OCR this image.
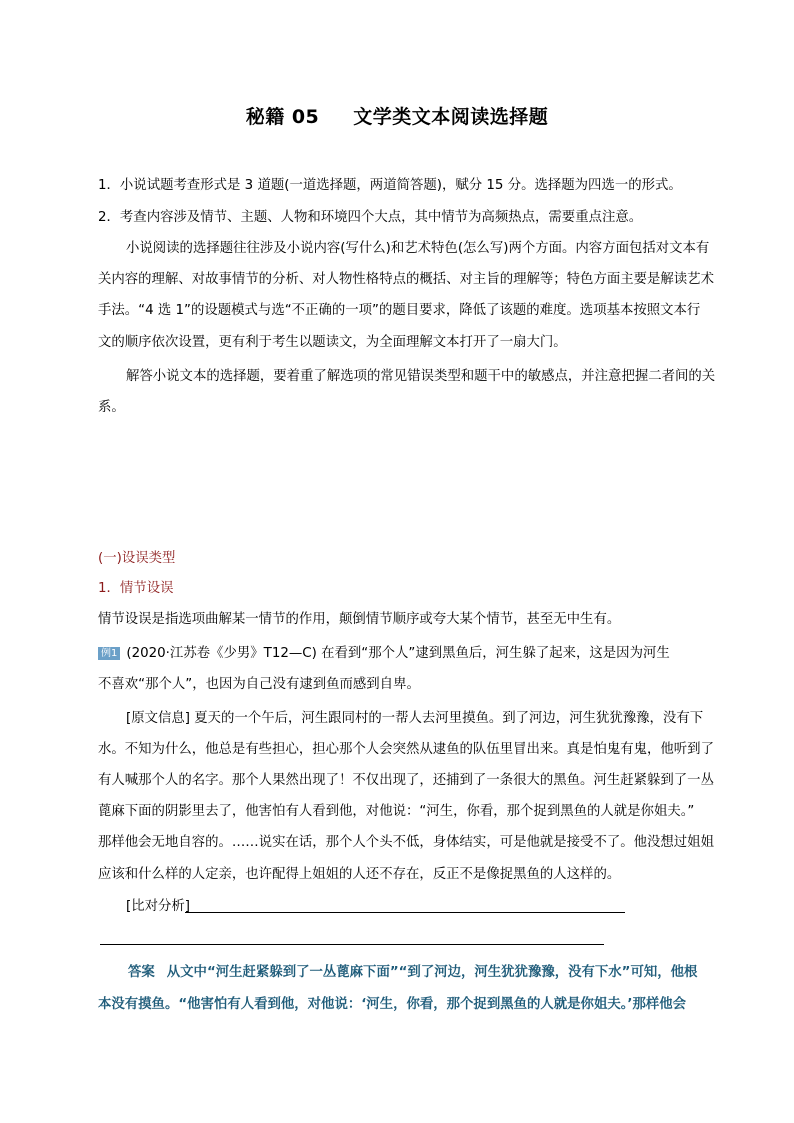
秘籍 05 文学类文本阅读选择题
1．小说试题考查形式是 3 道题(一道选择题，两道简答题)，赋分 15 分。选择题为四选一的形式。
2．考查内容涉及情节、主题、人物和环境四个大点，其中情节为高频热点，需要重点注意。
小说阅读的选择题往往涉及小说内容(写什么)和艺术特色(怎么写)两个方面。内容方面包括对文本有
关内容的理解、对故事情节的分析、对人物性格特点的概括、对主旨的理解等；特色方面主要是解读艺术
手法。“4 选 1”的设题模式与选“不正确的一项”的题目要求，降低了该题的难度。选项基本按照文本行
文的顺序依次设置，更有利于考生以题读文，为全面理解文本打开了一扇大门。
解答小说文本的选择题，要着重了解选项的常见错误类型和题干中的敏感点，并注意把握二者间的关
系。
(一)设误类型
1．情节设误
情节设误是指选项曲解某一情节的作用，颠倒情节顺序或夸大某个情节，甚至无中生有。
例1 (2020·江苏卷《少男》T12—C) 在看到“那个人”逮到黑鱼后，河生躲了起来，这是因为河生
不喜欢“那个人”，也因为自己没有逮到鱼而感到自卑。
[原文信息] 夏天的一个午后，河生跟同村的一帮人去河里摸鱼。到了河边，河生犹犹豫豫，没有下
水。不知为什么，他总是有些担心，担心那个人会突然从逮鱼的队伍里冒出来。真是怕鬼有鬼，他听到了
有人喊那个人的名字。那个人果然出现了！不仅出现了，还捕到了一条很大的黑鱼。河生赶紧躲到了一丛
蓖麻下面的阴影里去了，他害怕有人看到他，对他说：“河生，你看，那个捉到黑鱼的人就是你姐夫。”
那样他会无地自容的。……说实在话，那个人个头不低，身体结实，可是他就是接受不了。他没想过姐姐
应该和什么样的人定亲，也许配得上姐姐的人还不存在，反正不是像捉黑鱼的人这样的。
[比对分析]
答案 从文中“河生赶紧躲到了一丛蓖麻下面”“到了河边，河生犹犹豫豫，没有下水”可知，他根
本没有摸鱼。“他害怕有人看到他，对他说：‘河生，你看，那个捉到黑鱼的人就是你姐夫。’那样他会
